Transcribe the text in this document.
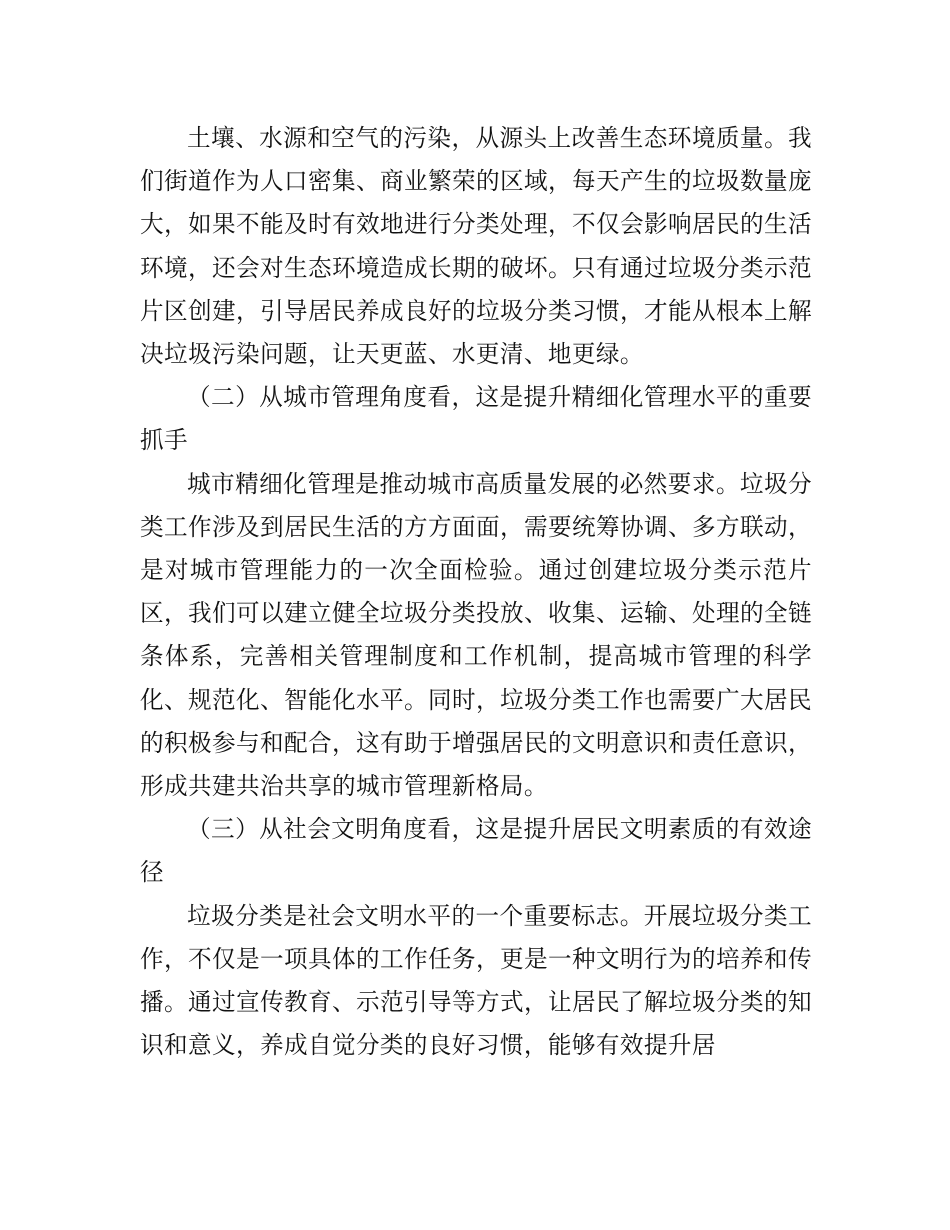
土壤、水源和空气的污染，从源头上改善生态环境质量。我们街道作为人口密集、商业繁荣的区域，每天产生的垃圾数量庞大，如果不能及时有效地进行分类处理，不仅会影响居民的生活环境，还会对生态环境造成长期的破坏。只有通过垃圾分类示范片区创建，引导居民养成良好的垃圾分类习惯，才能从根本上解决垃圾污染问题，让天更蓝、水更清、地更绿。

（二）从城市管理角度看，这是提升精细化管理水平的重要抓手

城市精细化管理是推动城市高质量发展的必然要求。垃圾分类工作涉及到居民生活的方方面面，需要统筹协调、多方联动，是对城市管理能力的一次全面检验。通过创建垃圾分类示范片区，我们可以建立健全垃圾分类投放、收集、运输、处理的全链条体系，完善相关管理制度和工作机制，提高城市管理的科学化、规范化、智能化水平。同时，垃圾分类工作也需要广大居民的积极参与和配合，这有助于增强居民的文明意识和责任意识，形成共建共治共享的城市管理新格局。

（三）从社会文明角度看，这是提升居民文明素质的有效途径

垃圾分类是社会文明水平的一个重要标志。开展垃圾分类工作，不仅是一项具体的工作任务，更是一种文明行为的培养和传播。通过宣传教育、示范引导等方式，让居民了解垃圾分类的知识和意义，养成自觉分类的良好习惯，能够有效提升居
